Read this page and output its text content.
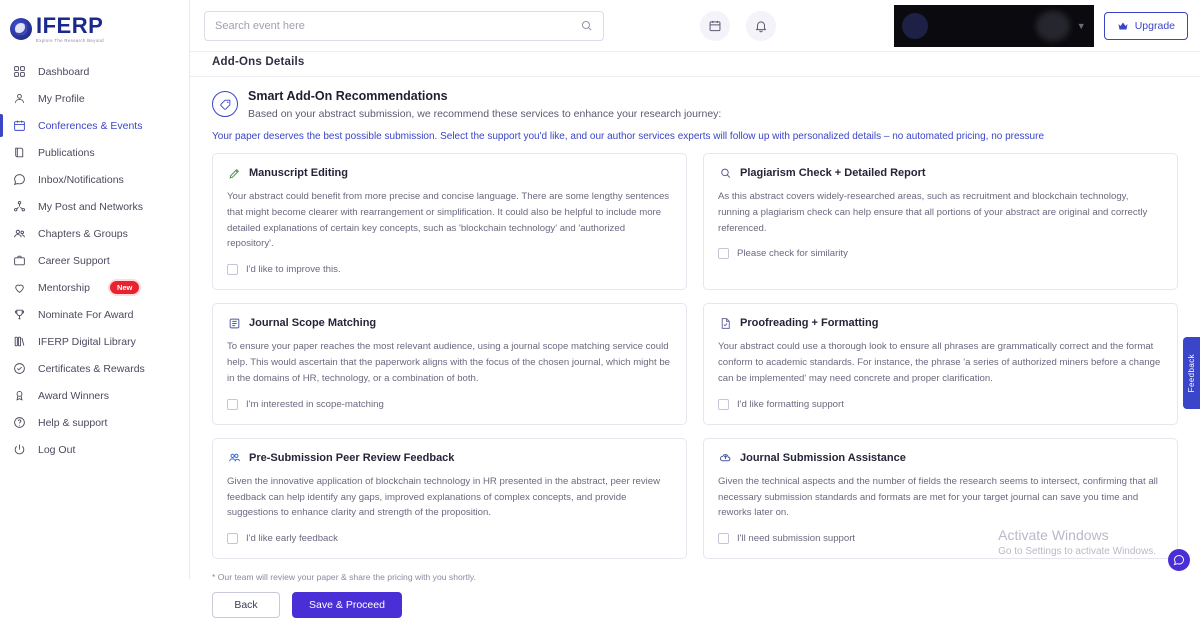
IFERP
Explore The Research Beyond
Dashboard
My Profile
Conferences & Events
Publications
Inbox/Notifications
My Post and Networks
Chapters & Groups
Career Support
Mentorship	New
Nominate For Award
IFERP Digital Library
Certificates & Rewards
Award Winners
Help & support
Log Out
Search event here
▼	Upgrade
Add-Ons Details
Smart Add-On Recommendations
Based on your abstract submission, we recommend these services to enhance your research journey:
Your paper deserves the best possible submission. Select the support you'd like, and our author services experts will follow up with personalized details – no automated pricing, no pressure
Manuscript Editing
Your abstract could benefit from more precise and concise language. There are some lengthy sentences that might become clearer with rearrangement or simplification. It could also be helpful to include more detailed explanations of certain key concepts, such as 'blockchain technology' and 'authorized repository'.
I'd like to improve this.
Plagiarism Check + Detailed Report
As this abstract covers widely-researched areas, such as recruitment and blockchain technology, running a plagiarism check can help ensure that all portions of your abstract are original and correctly referenced.
Please check for similarity
Journal Scope Matching
To ensure your paper reaches the most relevant audience, using a journal scope matching service could help. This would ascertain that the paperwork aligns with the focus of the chosen journal, which might be in the domains of HR, technology, or a combination of both.
I'm interested in scope-matching
Proofreading + Formatting
Your abstract could use a thorough look to ensure all phrases are grammatically correct and the format conform to academic standards. For instance, the phrase 'a series of authorized miners before a change can be implemented' may need concrete and proper clarification.
I'd like formatting support
Pre-Submission Peer Review Feedback
Given the innovative application of blockchain technology in HR presented in the abstract, peer review feedback can help identify any gaps, improved explanations of complex concepts, and provide suggestions to enhance clarity and strength of the proposition.
I'd like early feedback
Journal Submission Assistance
Given the technical aspects and the number of fields the research seems to intersect, confirming that all necessary submission standards and formats are met for your target journal can save you time and reworks later on.
I'll need submission support
* Our team will review your paper & share the pricing with you shortly.
Back	Save & Proceed
Activate Windows
Go to Settings to activate Windows.
Feedback
